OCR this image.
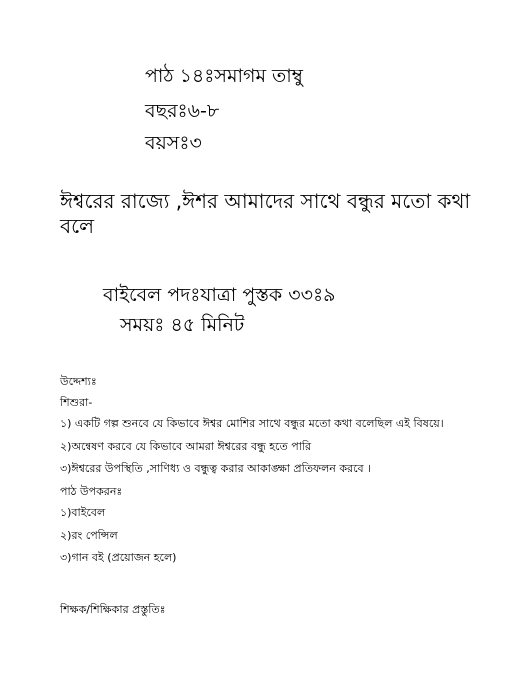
পাঠ ১৪ঃসমাগম তাম্বু
বছরঃ৬-৮
বয়সঃ৩
ঈশ্বরের রাজ্যে ,ঈশর আমাদের সাথে বন্ধুর মতো কথা বলে
বাইবেল পদঃযাত্রা পুস্তক ৩৩ঃ৯
সময়ঃ ৪৫ মিনিট
উদ্দেশ্যঃ
শিশুরা-
১) একটি গল্প শুনবে যে কিভাবে ঈশ্বর মোশির সাথে বন্ধুর মতো কথা বলেছিল এই বিষয়ে।
২)অন্বেষণ করবে যে কিভাবে আমরা ঈশ্বরের বন্ধু হতে পারি
৩)ঈশ্বরের উপস্থিতি ,সাণিধ্য ও বন্ধুত্ব করার আকাঙ্ক্ষা প্রতিফলন করবে ।
পাঠ উপকরনঃ
১)বাইবেল
২)রং পেন্সিল
৩)গান বই (প্রয়োজন হলে)
শিক্ষক/শিক্ষিকার প্রস্তুতিঃ
